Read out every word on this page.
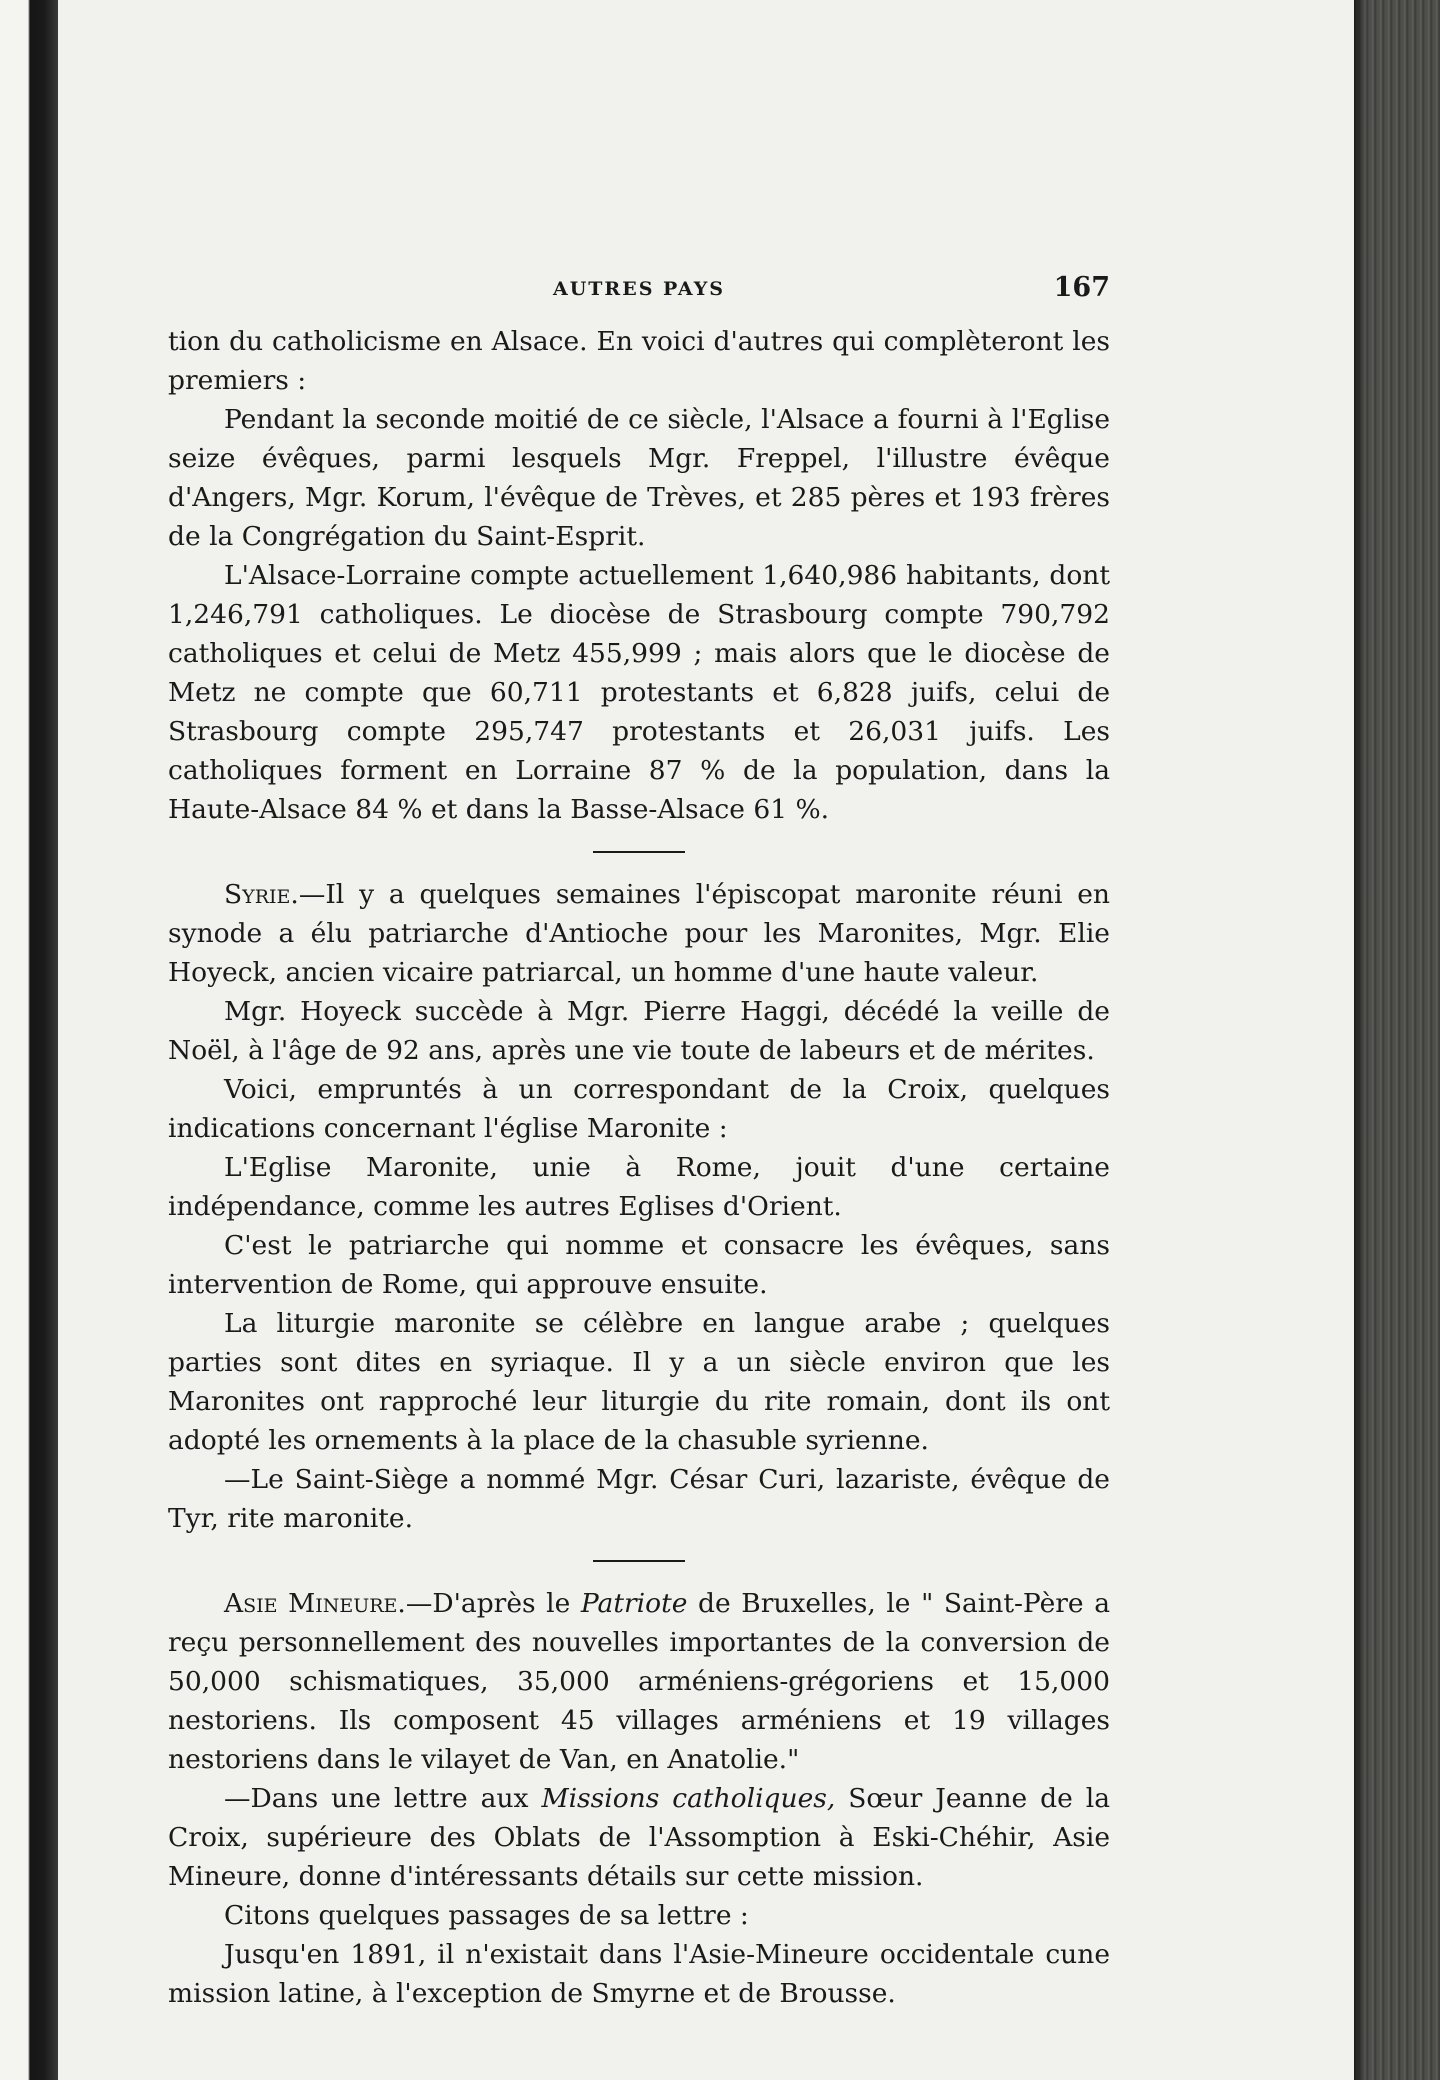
AUTRES PAYS	167

tion du catholicisme en Alsace. En voici d'autres qui complèteront les premiers :

Pendant la seconde moitié de ce siècle, l'Alsace a fourni à l'Eglise seize évêques, parmi lesquels Mgr. Freppel, l'illustre évêque d'Angers, Mgr. Korum, l'évêque de Trèves, et 285 pères et 193 frères de la Congrégation du Saint-Esprit.

L'Alsace-Lorraine compte actuellement 1,640,986 habitants, dont 1,246,791 catholiques. Le diocèse de Strasbourg compte 790,792 catholiques et celui de Metz 455,999 ; mais alors que le diocèse de Metz ne compte que 60,711 protestants et 6,828 juifs, celui de Strasbourg compte 295,747 protestants et 26,031 juifs. Les catholiques forment en Lorraine 87 % de la population, dans la Haute-Alsace 84 % et dans la Basse-Alsace 61 %.

Syrie.—Il y a quelques semaines l'épiscopat maronite réuni en synode a élu patriarche d'Antioche pour les Maronites, Mgr. Elie Hoyeck, ancien vicaire patriarcal, un homme d'une haute valeur.

Mgr. Hoyeck succède à Mgr. Pierre Haggi, décédé la veille de Noël, à l'âge de 92 ans, après une vie toute de labeurs et de mérites.

Voici, empruntés à un correspondant de la Croix, quelques indications concernant l'église Maronite :

L'Eglise Maronite, unie à Rome, jouit d'une certaine indépendance, comme les autres Eglises d'Orient.

C'est le patriarche qui nomme et consacre les évêques, sans intervention de Rome, qui approuve ensuite.

La liturgie maronite se célèbre en langue arabe ; quelques parties sont dites en syriaque. Il y a un siècle environ que les Maronites ont rapproché leur liturgie du rite romain, dont ils ont adopté les ornements à la place de la chasuble syrienne.

—Le Saint-Siège a nommé Mgr. César Curi, lazariste, évêque de Tyr, rite maronite.

Asie Mineure.—D'après le Patriote de Bruxelles, le " Saint-Père a reçu personnellement des nouvelles importantes de la conversion de 50,000 schismatiques, 35,000 arméniens-grégoriens et 15,000 nestoriens. Ils composent 45 villages arméniens et 19 villages nestoriens dans le vilayet de Van, en Anatolie."

—Dans une lettre aux Missions catholiques, Sœur Jeanne de la Croix, supérieure des Oblats de l'Assomption à Eski-Chéhir, Asie Mineure, donne d'intéressants détails sur cette mission.

Citons quelques passages de sa lettre :

Jusqu'en 1891, il n'existait dans l'Asie-Mineure occidentale cune mission latine, à l'exception de Smyrne et de Brousse.
